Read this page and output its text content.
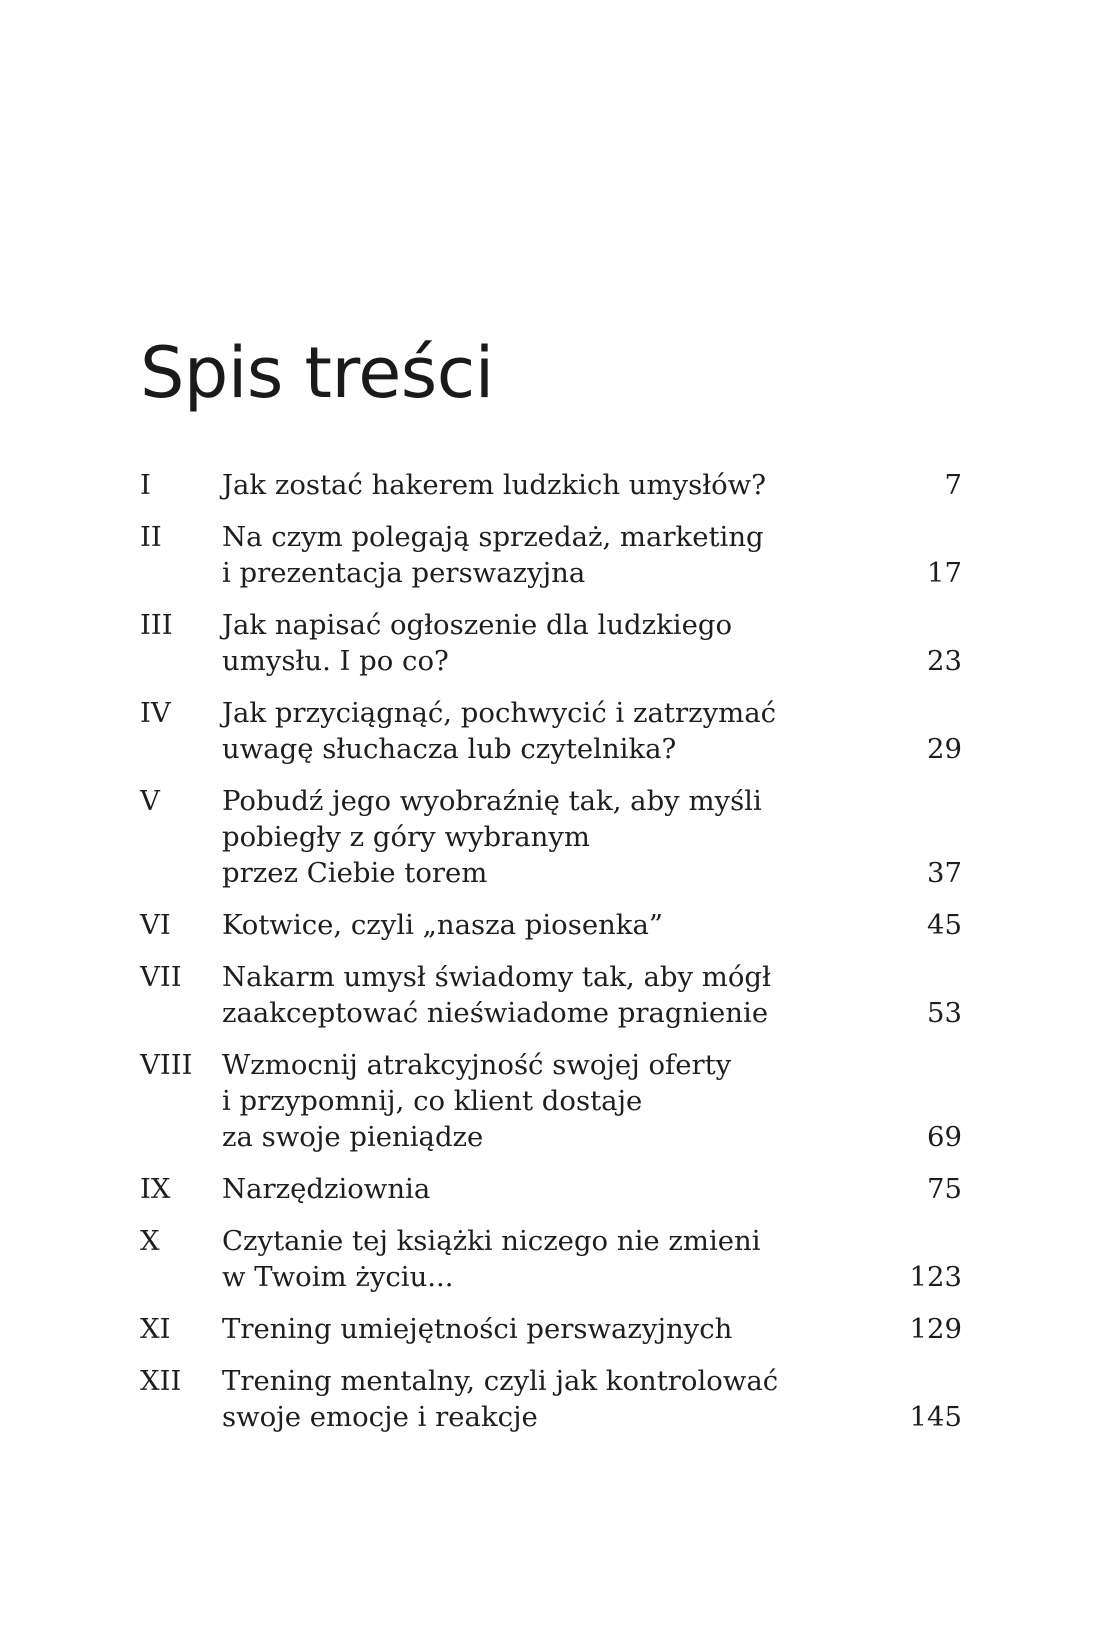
Spis treści
I	Jak zostać hakerem ludzkich umysłów?	7
II	Na czym polegają sprzedaż, marketing
i prezentacja perswazyjna	17
III	Jak napisać ogłoszenie dla ludzkiego
umysłu. I po co?	23
IV	Jak przyciągnąć, pochwycić i zatrzymać
uwagę słuchacza lub czytelnika?	29
V	Pobudź jego wyobraźnię tak, aby myśli
pobiegły z góry wybranym
przez Ciebie torem	37
VI	Kotwice, czyli „nasza piosenka”	45
VII	Nakarm umysł świadomy tak, aby mógł
zaakceptować nieświadome pragnienie	53
VIII	Wzmocnij atrakcyjność swojej oferty
i przypomnij, co klient dostaje
za swoje pieniądze	69
IX	Narzędziownia	75
X	Czytanie tej książki niczego nie zmieni
w Twoim życiu...	123
XI	Trening umiejętności perswazyjnych	129
XII	Trening mentalny, czyli jak kontrolować
swoje emocje i reakcje	145
